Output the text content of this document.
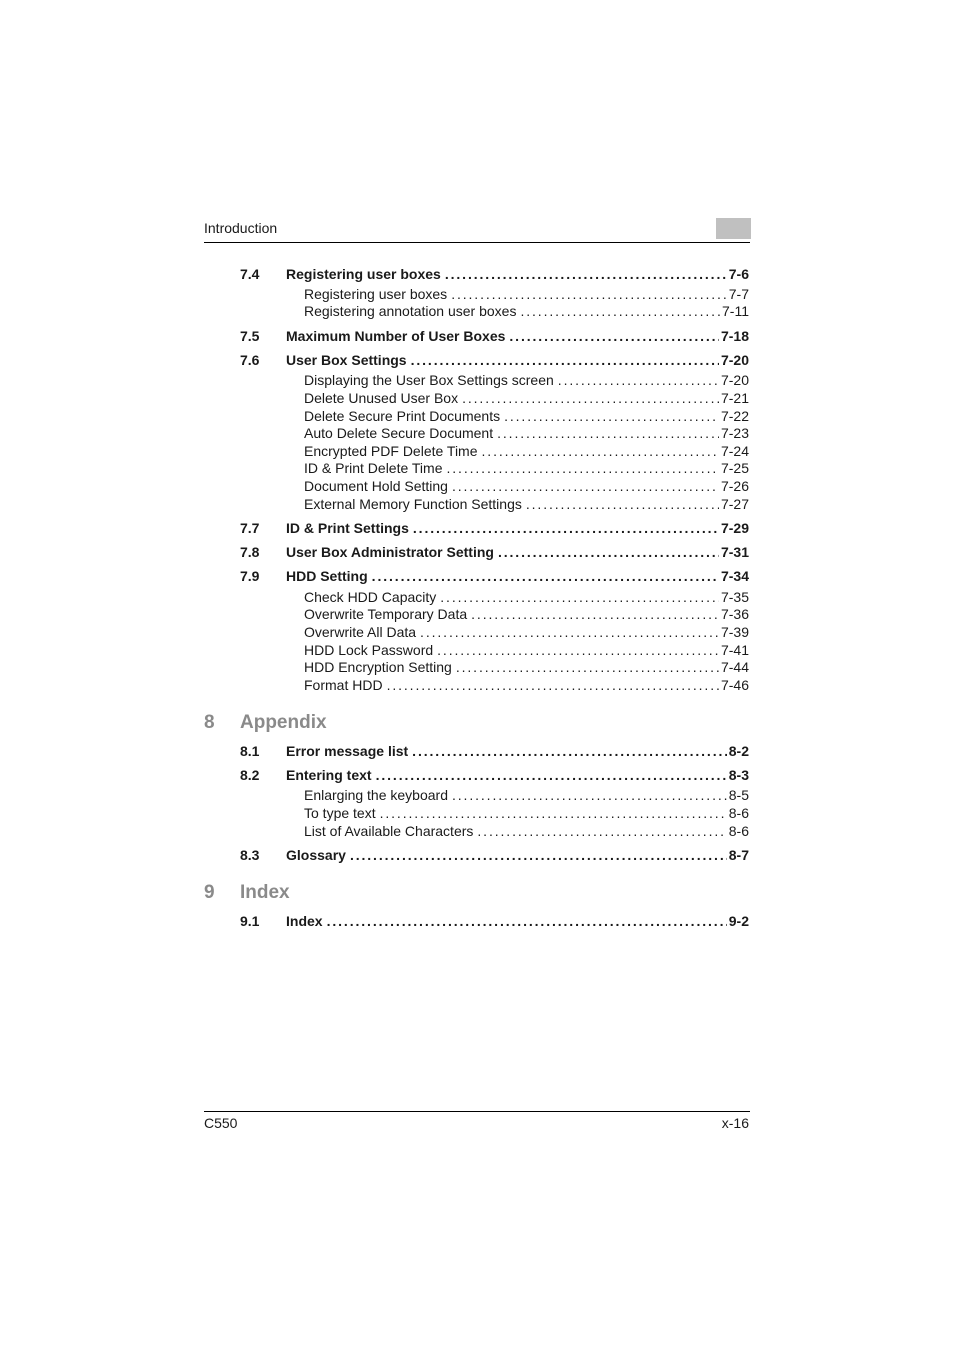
Introduction
7.4 Registering user boxes . . .	7-6
Registering user boxes . . .	7-7
Registering annotation user boxes . . .	7-11
7.5 Maximum Number of User Boxes . . .	7-18
7.6 User Box Settings . . .	7-20
Displaying the User Box Settings screen . . .	7-20
Delete Unused User Box . . .	7-21
Delete Secure Print Documents . . .	7-22
Auto Delete Secure Document . . .	7-23
Encrypted PDF Delete Time . . .	7-24
ID & Print Delete Time . . .	7-25
Document Hold Setting . . .	7-26
External Memory Function Settings . . .	7-27
7.7 ID & Print Settings . . .	7-29
7.8 User Box Administrator Setting . . .	7-31
7.9 HDD Setting . . .	7-34
Check HDD Capacity . . .	7-35
Overwrite Temporary Data . . .	7-36
Overwrite All Data . . .	7-39
HDD Lock Password . . .	7-41
HDD Encryption Setting . . .	7-44
Format HDD . . .	7-46
8 Appendix
8.1 Error message list . . .	8-2
8.2 Entering text . . .	8-3
Enlarging the keyboard . . .	8-5
To type text . . .	8-6
List of Available Characters . . .	8-6
8.3 Glossary . . .	8-7
9 Index
9.1 Index . . .	9-2
C550	x-16
